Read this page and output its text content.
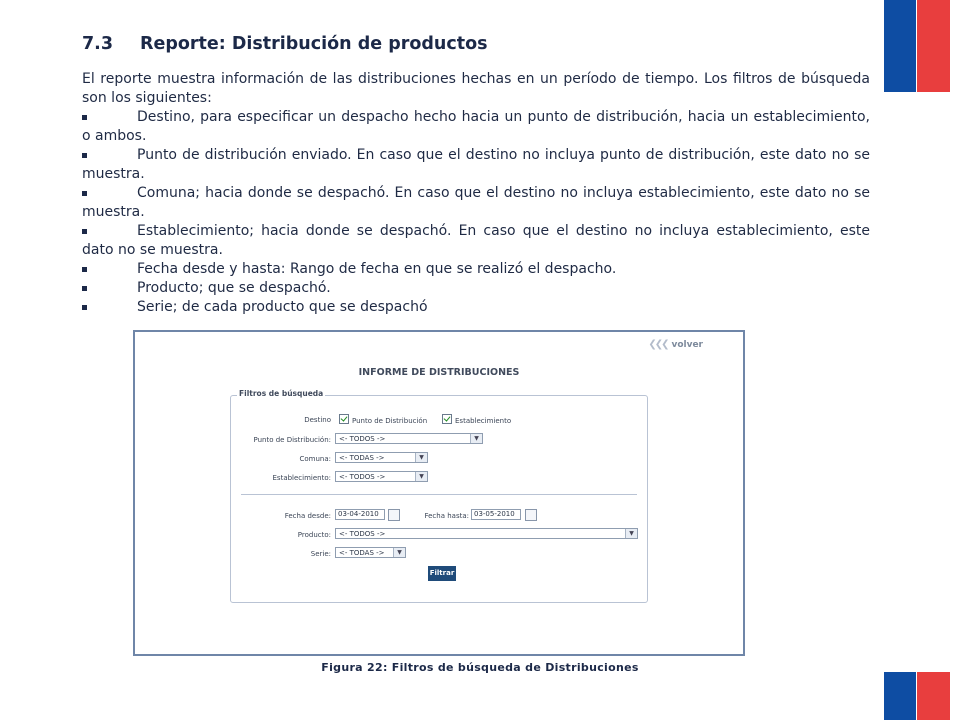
7.3	Reporte: Distribución de productos

El reporte muestra información de las distribuciones hechas en un período de tiempo. Los filtros de búsqueda son los siguientes:

Destino, para especificar un despacho hecho hacia un punto de distribución, hacia un establecimiento, o ambos.
Punto de distribución enviado. En caso que el destino no incluya punto de distribución, este dato no se muestra.
Comuna; hacia donde se despachó. En caso que el destino no incluya establecimiento, este dato no se muestra.
Establecimiento; hacia donde se despachó. En caso que el destino no incluya establecimiento, este dato no se muestra.
Fecha desde y hasta: Rango de fecha en que se realizó el despacho.
Producto; que se despachó.
Serie; de cada producto que se despachó
❮❮❮ volver
INFORME DE DISTRIBUCIONES
Filtros de búsqueda
Destino	Punto de Distribución	Establecimiento
Punto de Distribución:	<- TODOS ->	▼
Comuna:	<- TODAS ->	▼
Establecimiento:	<- TODOS ->	▼
Fecha desde:	03-04-2010	Fecha hasta: 03-05-2010
Producto:	<- TODOS ->	▼
Serie:	<- TODAS ->	▼
Filtrar
Figura 22: Filtros de búsqueda de Distribuciones
